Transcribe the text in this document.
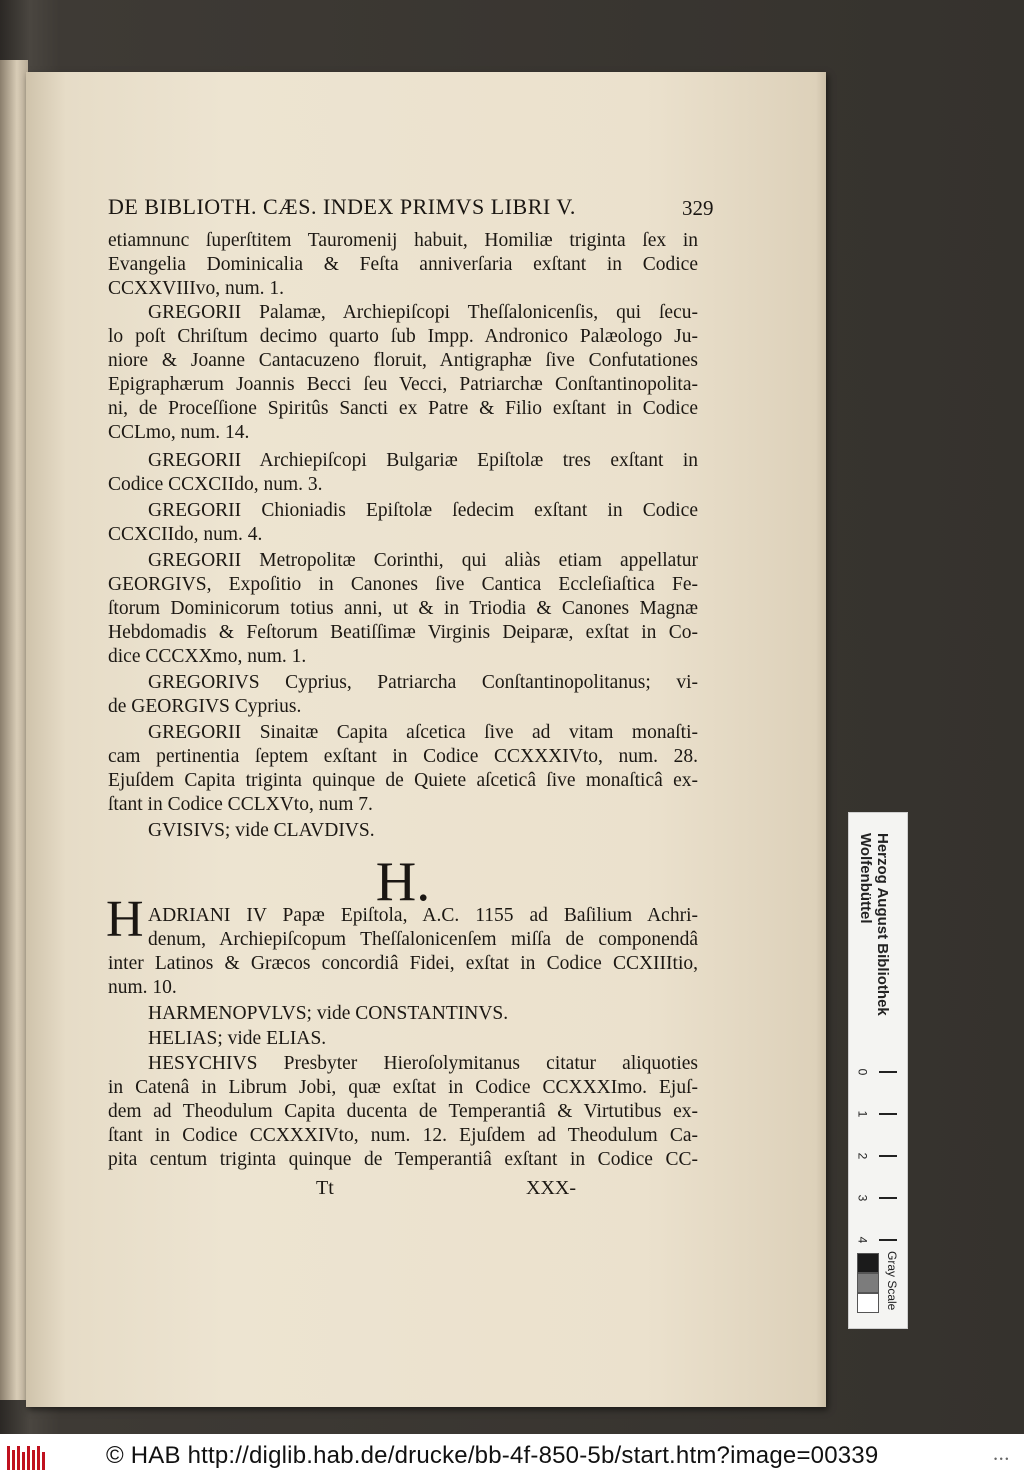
DE BIBLIOTH. CÆS. INDEX PRIMVS LIBRI V.	329
etiamnunc ſuperſtitem Tauromenij habuit, Homiliæ triginta ſex in
Evangelia Dominicalia & Feſta anniverſaria exſtant in Codice
CCXXVIIIvo, num. 1.
GREGORII Palamæ, Archiepiſcopi Theſſalonicenſis, qui ſecu-
lo poſt Chriſtum decimo quarto ſub Impp. Andronico Palæologo Ju-
niore & Joanne Cantacuzeno floruit, Antigraphæ ſive Confutationes
Epigraphærum Joannis Becci ſeu Vecci, Patriarchæ Conſtantinopolita-
ni, de Proceſſione Spiritûs Sancti ex Patre & Filio exſtant in Codice
CCLmo, num. 14.
GREGORII Archiepiſcopi Bulgariæ Epiſtolæ tres exſtant in
Codice CCXCIIdo, num. 3.
GREGORII Chioniadis Epiſtolæ ſedecim exſtant in Codice
CCXCIIdo, num. 4.
GREGORII Metropolitæ Corinthi, qui aliàs etiam appellatur
GEORGIVS, Expoſitio in Canones ſive Cantica Eccleſiaſtica Fe-
ſtorum Dominicorum totius anni, ut & in Triodia & Canones Magnæ
Hebdomadis & Feſtorum Beatiſſimæ Virginis Deiparæ, exſtat in Co-
dice CCCXXmo, num. 1.
GREGORIVS Cyprius, Patriarcha Conſtantinopolitanus; vi-
de GEORGIVS Cyprius.
GREGORII Sinaitæ Capita aſcetica ſive ad vitam monaſti-
cam pertinentia ſeptem exſtant in Codice CCXXXIVto, num. 28.
Ejuſdem Capita triginta quinque de Quiete aſceticâ ſive monaſticâ ex-
ſtant in Codice CCLXVto, num 7.
GVISIVS; vide CLAVDIVS.
H.
H ADRIANI IV Papæ Epiſtola, A.C. 1155 ad Baſilium Achri-
denum, Archiepiſcopum Theſſalonicenſem miſſa de componendâ
inter Latinos & Græcos concordiâ Fidei, exſtat in Codice CCXIIItio,
num. 10.
HARMENOPVLVS; vide CONSTANTINVS.
HELIAS; vide ELIAS.
HESYCHIVS Presbyter Hieroſolymitanus citatur aliquoties
in Catenâ in Librum Jobi, quæ exſtat in Codice CCXXXImo. Ejuſ-
dem ad Theodulum Capita ducenta de Temperantiâ & Virtutibus ex-
ſtant in Codice CCXXXIVto, num. 12. Ejuſdem ad Theodulum Ca-
pita centum triginta quinque de Temperantiâ exſtant in Codice CC-
Tt	XXX-
Herzog August Bibliothek
Wolfenbüttel
0
1
2
3
4
Gray Scale
© HAB http://diglib.hab.de/drucke/bb-4f-850-5b/start.htm?image=00339	• • •
